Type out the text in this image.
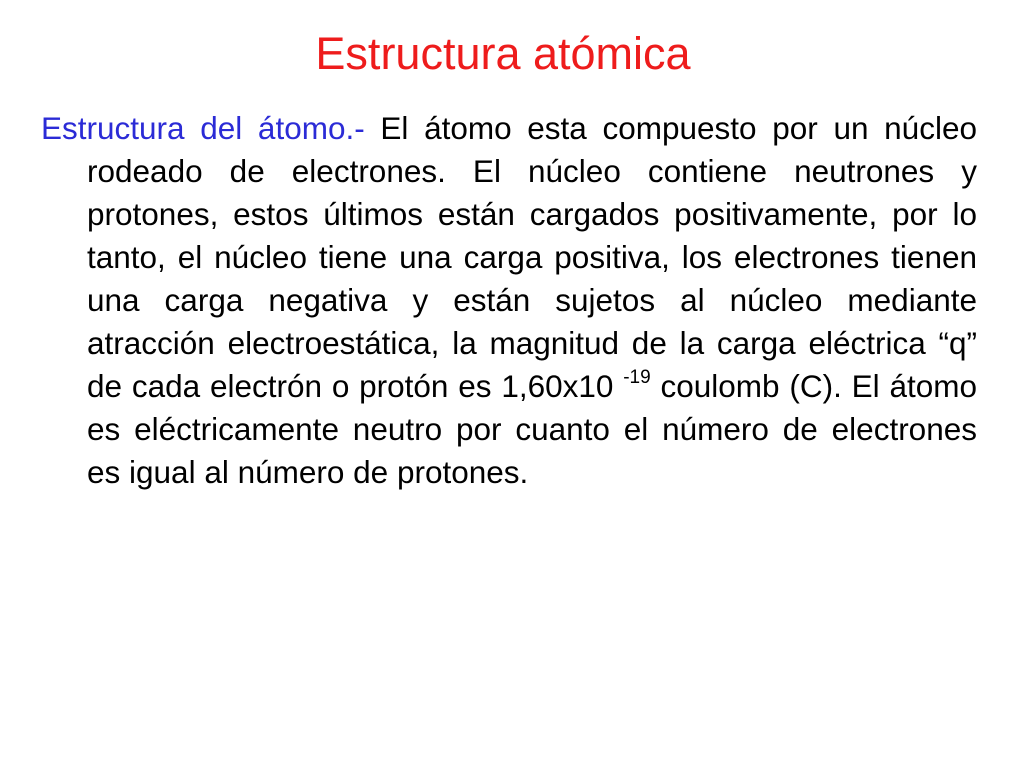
Estructura atómica

Estructura del átomo.- El átomo esta compuesto por un núcleo rodeado de electrones. El núcleo contiene neutrones y protones, estos últimos están cargados positivamente, por lo tanto, el núcleo tiene una carga positiva, los electrones tienen una carga negativa y están sujetos al núcleo mediante atracción electroestática, la magnitud de la carga eléctrica “q” de cada electrón o protón es 1,60x10 $^{-19}$ coulomb (C). El átomo es eléctricamente neutro por cuanto el número de electrones es igual al número de protones.
